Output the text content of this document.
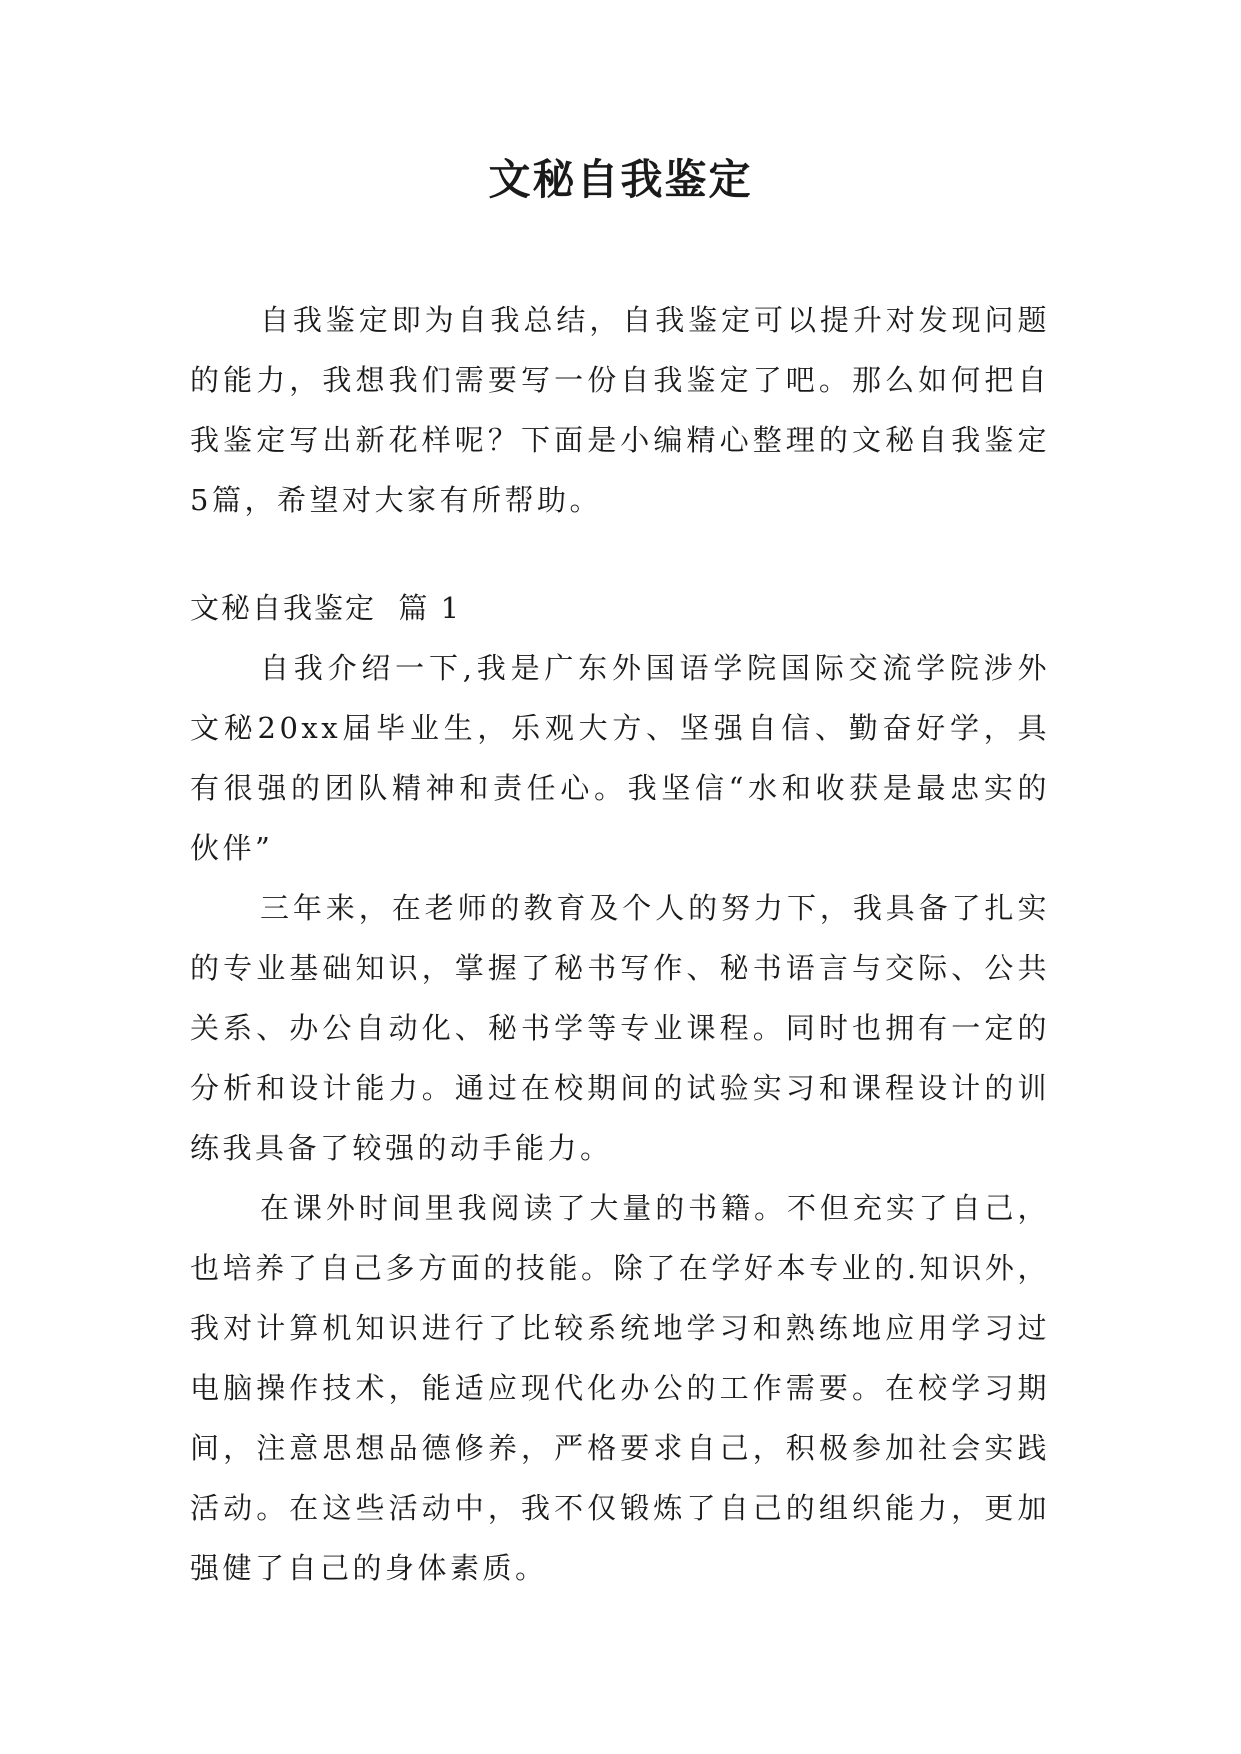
文秘自我鉴定

自我鉴定即为自我总结，自我鉴定可以提升对发现问题的能力，我想我们需要写一份自我鉴定了吧。那么如何把自我鉴定写出新花样呢？下面是小编精心整理的文秘自我鉴定5篇，希望对大家有所帮助。

文秘自我鉴定  篇 1

自我介绍一下,我是广东外国语学院国际交流学院涉外文秘20xx届毕业生，乐观大方、坚强自信、勤奋好学，具有很强的团队精神和责任心。我坚信“水和收获是最忠实的伙伴”

三年来，在老师的教育及个人的努力下，我具备了扎实的专业基础知识，掌握了秘书写作、秘书语言与交际、公共关系、办公自动化、秘书学等专业课程。同时也拥有一定的分析和设计能力。通过在校期间的试验实习和课程设计的训练我具备了较强的动手能力。

在课外时间里我阅读了大量的书籍。不但充实了自己，也培养了自己多方面的技能。除了在学好本专业的.知识外，我对计算机知识进行了比较系统地学习和熟练地应用学习过电脑操作技术，能适应现代化办公的工作需要。在校学习期间，注意思想品德修养，严格要求自己，积极参加社会实践活动。在这些活动中，我不仅锻炼了自己的组织能力，更加强健了自己的身体素质。
